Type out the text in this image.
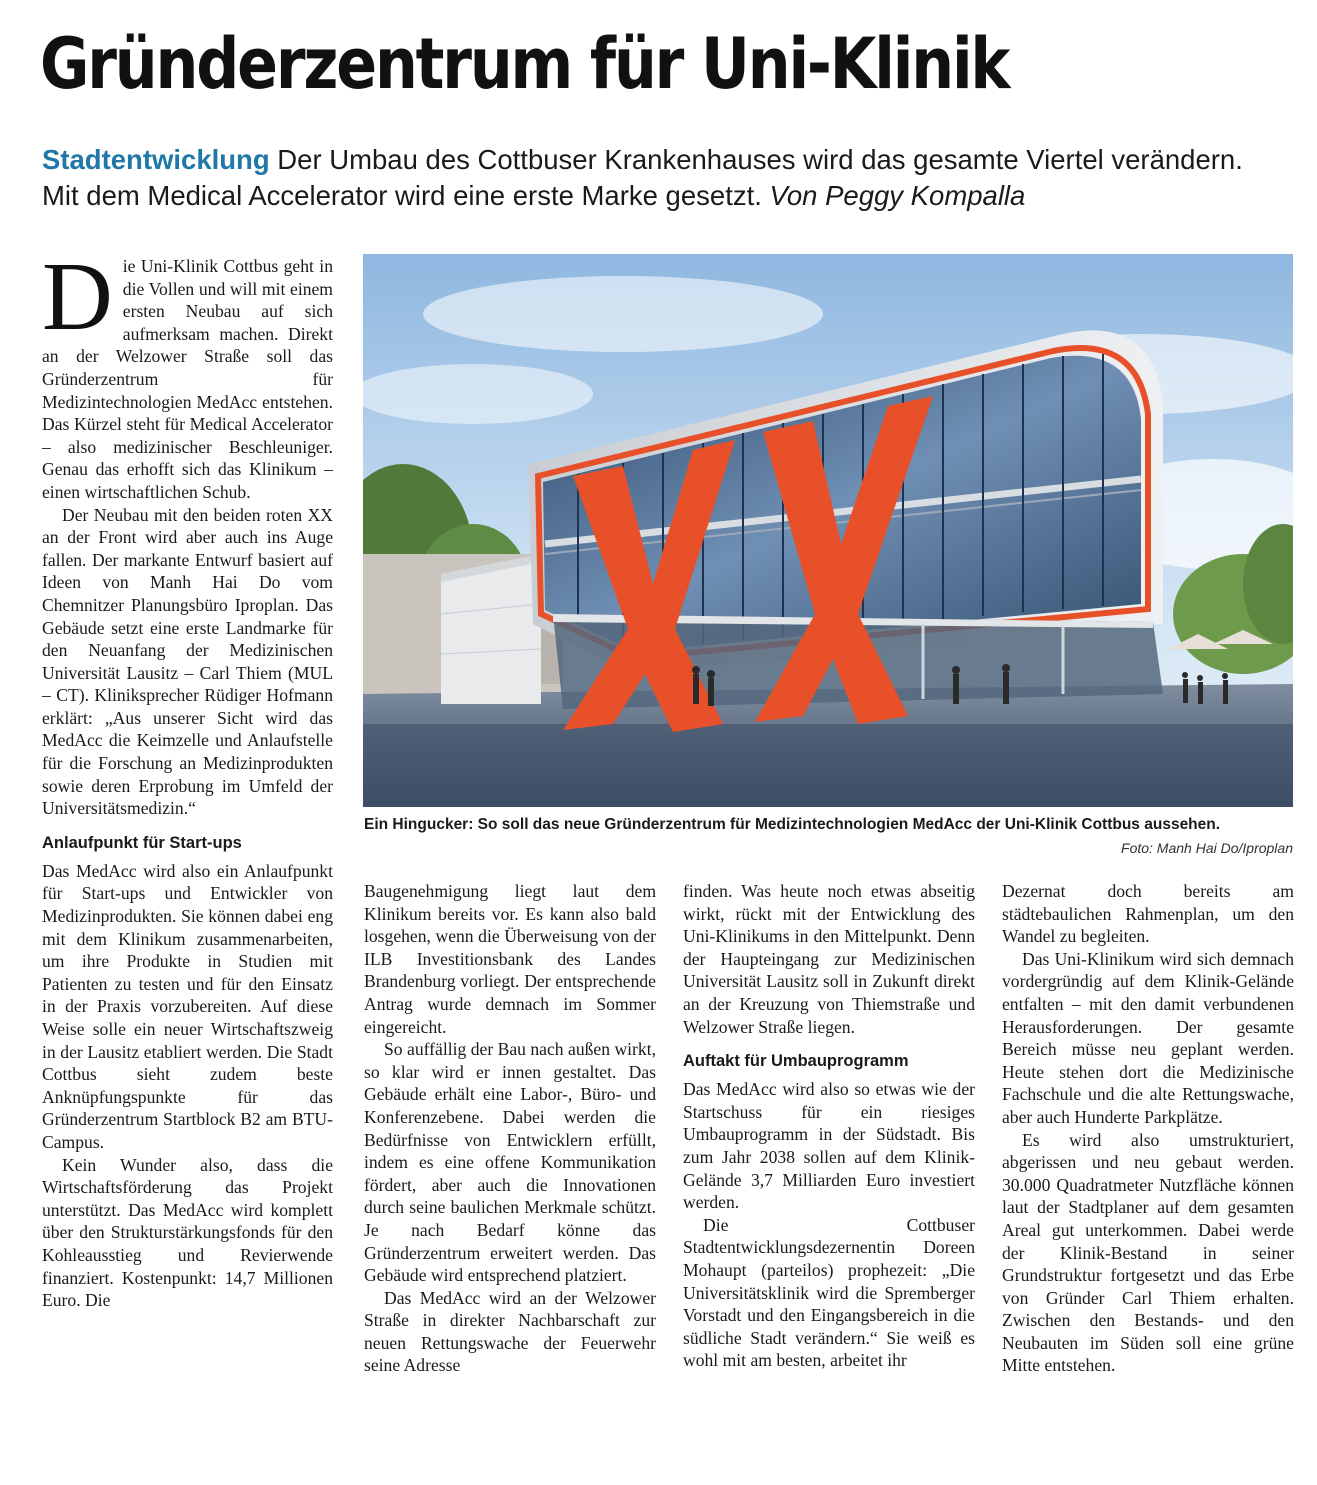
Gründerzentrum für Uni-Klinik
Stadtentwicklung Der Umbau des Cottbuser Krankenhauses wird das gesamte Viertel verändern. Mit dem Medical Accelerator wird eine erste Marke gesetzt. Von Peggy Kompalla
Ein Hingucker: So soll das neue Gründerzentrum für Medizintechnologien MedAcc der Uni-Klinik Cottbus aussehen.
Foto: Manh Hai Do/Iproplan

Die Uni-Klinik Cottbus geht in die Vollen und will mit einem ersten Neubau auf sich aufmerksam machen. Direkt an der Welzower Straße soll das Gründerzentrum für Medizintechnologien MedAcc entstehen. Das Kürzel steht für Medical Accelerator – also medizinischer Beschleuniger. Genau das erhofft sich das Klinikum – einen wirtschaftlichen Schub.

Der Neubau mit den beiden roten XX an der Front wird aber auch ins Auge fallen. Der markante Entwurf basiert auf Ideen von Manh Hai Do vom Chemnitzer Planungsbüro Iproplan. Das Gebäude setzt eine erste Landmarke für den Neuanfang der Medizinischen Universität Lausitz – Carl Thiem (MUL – CT). Kliniksprecher Rüdiger Hofmann erklärt: „Aus unserer Sicht wird das MedAcc die Keimzelle und Anlaufstelle für die Forschung an Medizinprodukten sowie deren Erprobung im Umfeld der Universitätsmedizin.“

Anlaufpunkt für Start-ups

Das MedAcc wird also ein Anlaufpunkt für Start-ups und Entwickler von Medizinprodukten. Sie können dabei eng mit dem Klinikum zusammenarbeiten, um ihre Produkte in Studien mit Patienten zu testen und für den Einsatz in der Praxis vorzubereiten. Auf diese Weise solle ein neuer Wirtschaftszweig in der Lausitz etabliert werden. Die Stadt Cottbus sieht zudem beste Anknüpfungspunkte für das Gründerzentrum Startblock B2 am BTU-Campus.

Kein Wunder also, dass die Wirtschaftsförderung das Projekt unterstützt. Das MedAcc wird komplett über den Strukturstärkungsfonds für den Kohleausstieg und Revierwende finanziert. Kostenpunkt: 14,7 Millionen Euro. Die

Baugenehmigung liegt laut dem Klinikum bereits vor. Es kann also bald losgehen, wenn die Überweisung von der ILB Investitionsbank des Landes Brandenburg vorliegt. Der entsprechende Antrag wurde demnach im Sommer eingereicht.

So auffällig der Bau nach außen wirkt, so klar wird er innen gestaltet. Das Gebäude erhält eine Labor-, Büro- und Konferenzebene. Dabei werden die Bedürfnisse von Entwicklern erfüllt, indem es eine offene Kommunikation fördert, aber auch die Innovationen durch seine baulichen Merkmale schützt. Je nach Bedarf könne das Gründerzentrum erweitert werden. Das Gebäude wird entsprechend platziert.

Das MedAcc wird an der Welzower Straße in direkter Nachbarschaft zur neuen Rettungswache der Feuerwehr seine Adresse

finden. Was heute noch etwas abseitig wirkt, rückt mit der Entwicklung des Uni-Klinikums in den Mittelpunkt. Denn der Haupteingang zur Medizinischen Universität Lausitz soll in Zukunft direkt an der Kreuzung von Thiemstraße und Welzower Straße liegen.

Auftakt für Umbauprogramm

Das MedAcc wird also so etwas wie der Startschuss für ein riesiges Umbauprogramm in der Südstadt. Bis zum Jahr 2038 sollen auf dem Klinik-Gelände 3,7 Milliarden Euro investiert werden.

Die Cottbuser Stadtentwicklungsdezernentin Doreen Mohaupt (parteilos) prophezeit: „Die Universitätsklinik wird die Spremberger Vorstadt und den Eingangsbereich in die südliche Stadt verändern.“ Sie weiß es wohl mit am besten, arbeitet ihr

Dezernat doch bereits am städtebaulichen Rahmenplan, um den Wandel zu begleiten.

Das Uni-Klinikum wird sich demnach vordergründig auf dem Klinik-Gelände entfalten – mit den damit verbundenen Herausforderungen. Der gesamte Bereich müsse neu geplant werden. Heute stehen dort die Medizinische Fachschule und die alte Rettungswache, aber auch Hunderte Parkplätze.

Es wird also umstrukturiert, abgerissen und neu gebaut werden. 30.000 Quadratmeter Nutzfläche können laut der Stadtplaner auf dem gesamten Areal gut unterkommen. Dabei werde der Klinik-Bestand in seiner Grundstruktur fortgesetzt und das Erbe von Gründer Carl Thiem erhalten. Zwischen den Bestands- und den Neubauten im Süden soll eine grüne Mitte entstehen.
